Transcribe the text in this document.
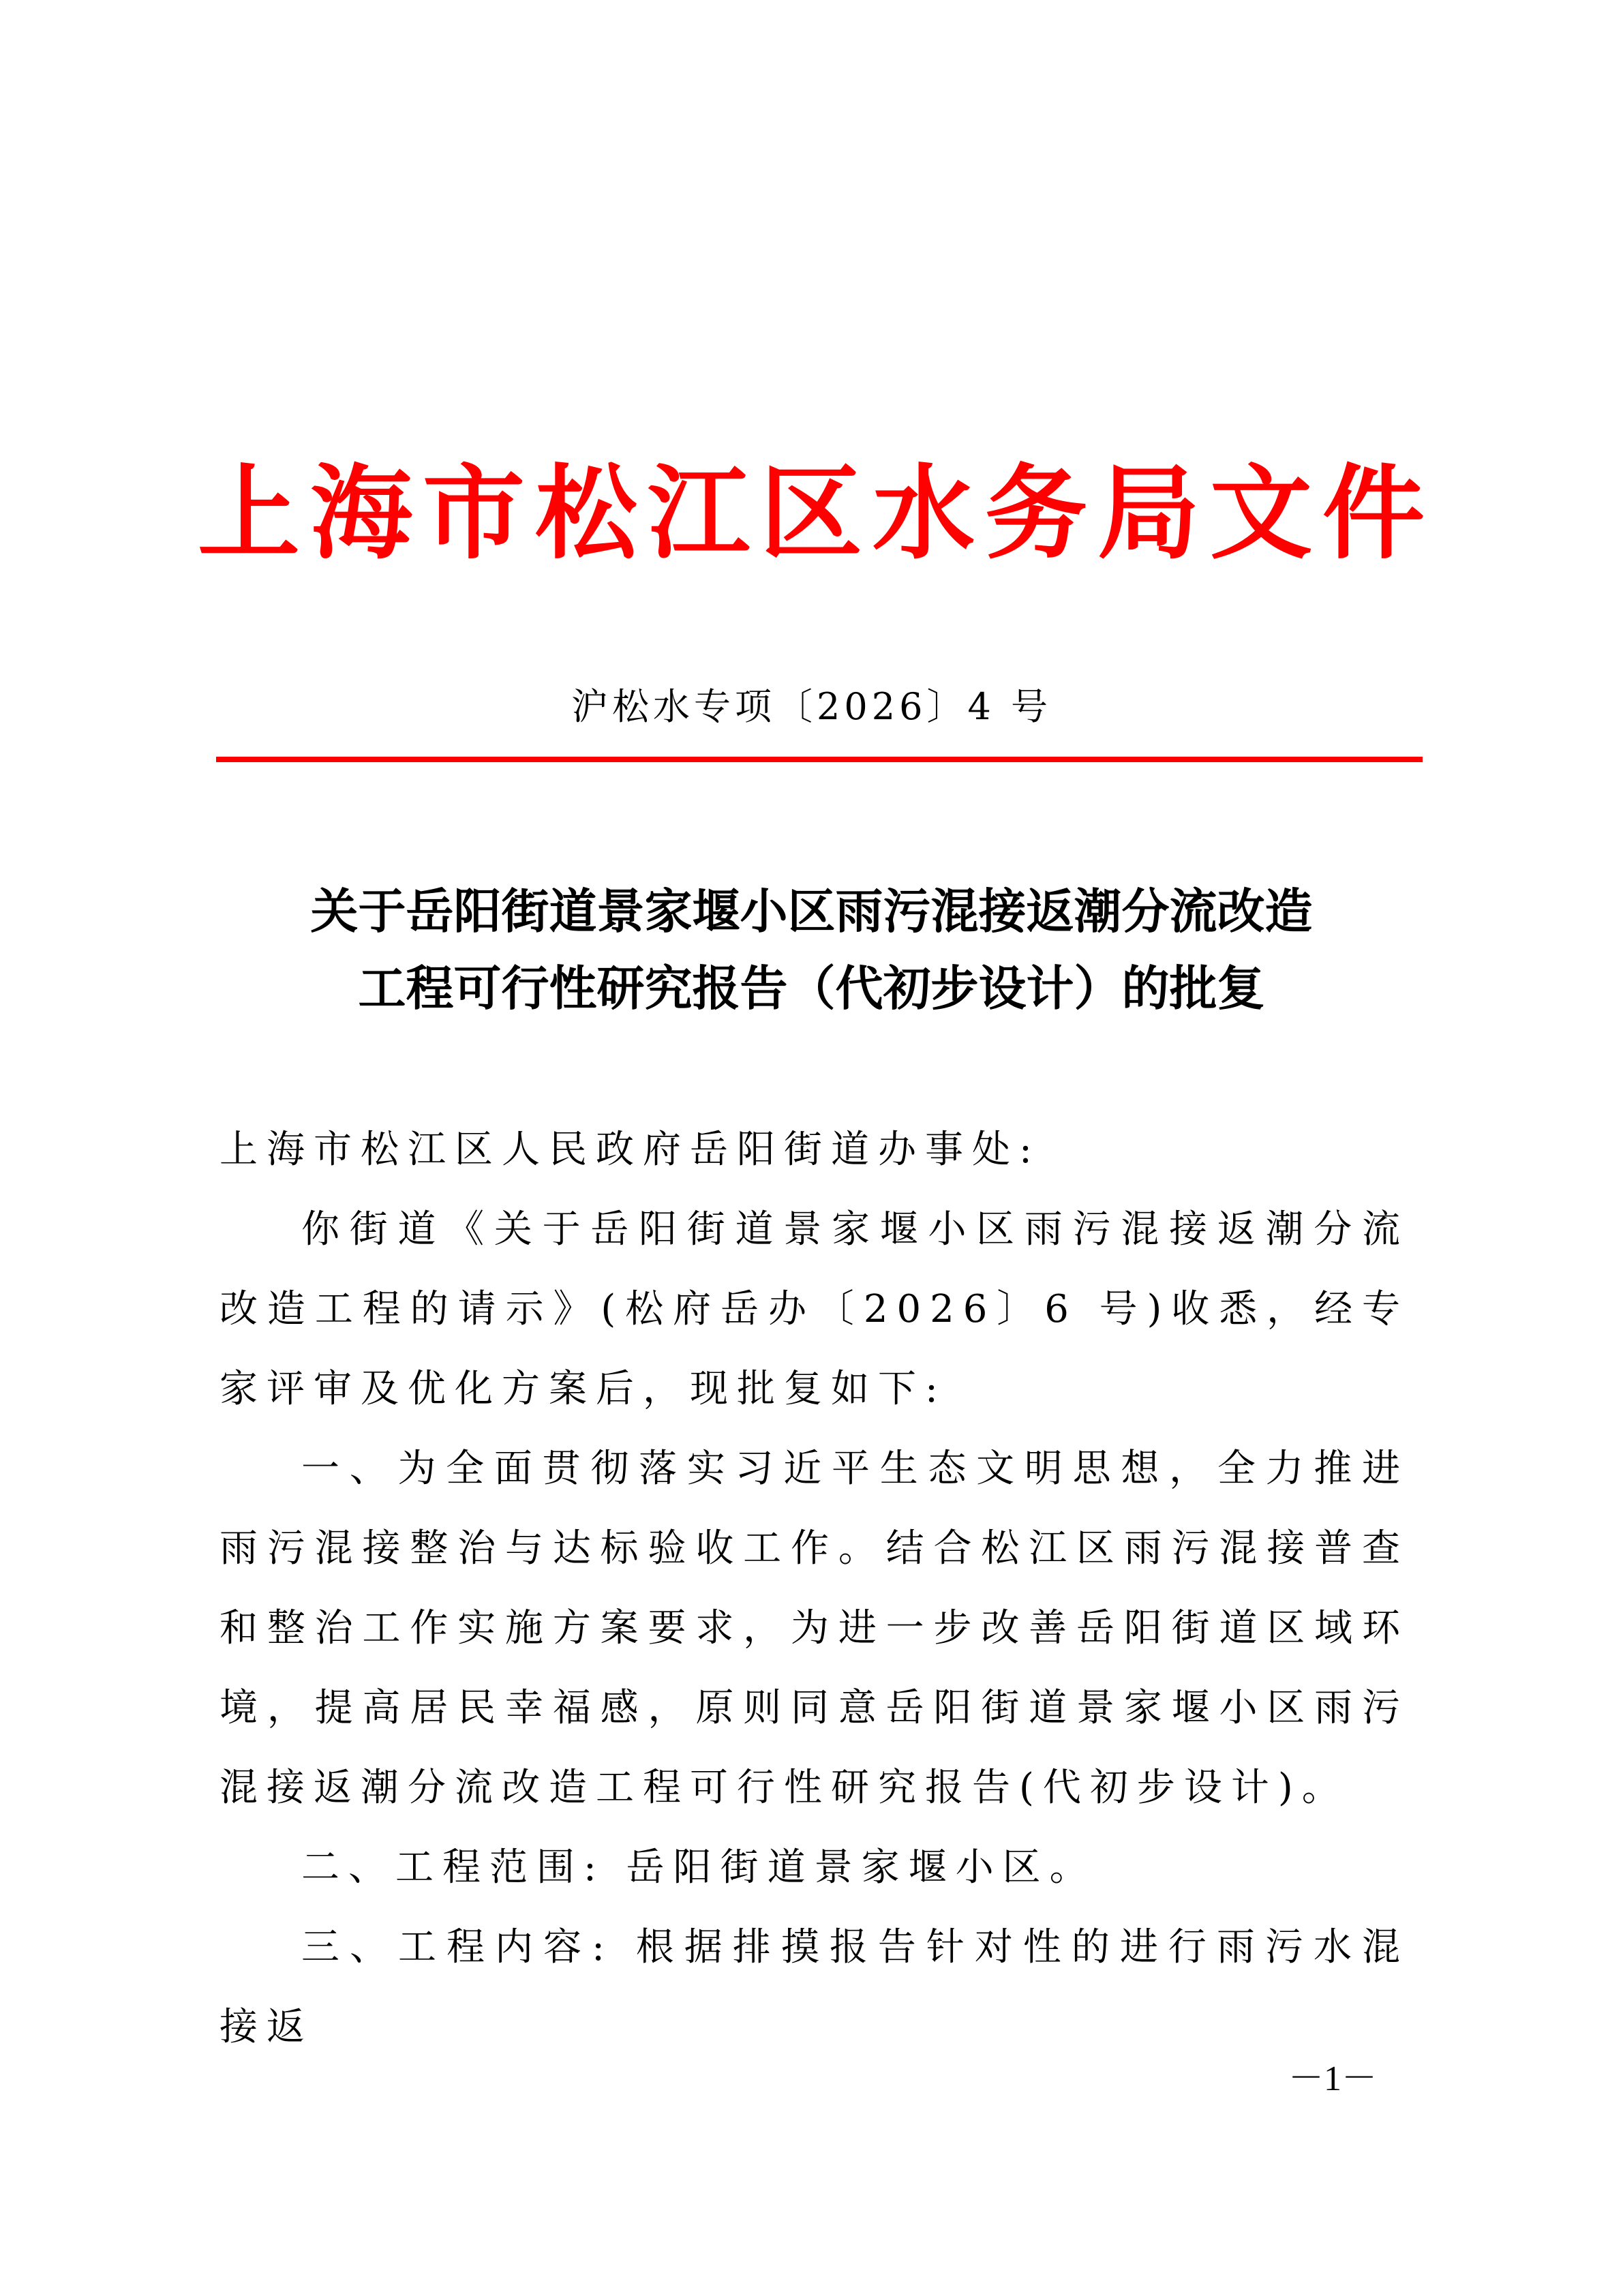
上海市松江区水务局文件
沪松水专项〔2026〕4 号
关于岳阳街道景家堰小区雨污混接返潮分流改造
工程可行性研究报告（代初步设计）的批复

上海市松江区人民政府岳阳街道办事处:

你街道《关于岳阳街道景家堰小区雨污混接返潮分流改造工程的请示》(松府岳办〔2026〕6 号)收悉，经专家评审及优化方案后，现批复如下:

一、为全面贯彻落实习近平生态文明思想，全力推进雨污混接整治与达标验收工作。结合松江区雨污混接普查和整治工作实施方案要求，为进一步改善岳阳街道区域环境，提高居民幸福感，原则同意岳阳街道景家堰小区雨污混接返潮分流改造工程可行性研究报告(代初步设计)。

二、工程范围: 岳阳街道景家堰小区。

三、工程内容: 根据排摸报告针对性的进行雨污水混接返

－1－
